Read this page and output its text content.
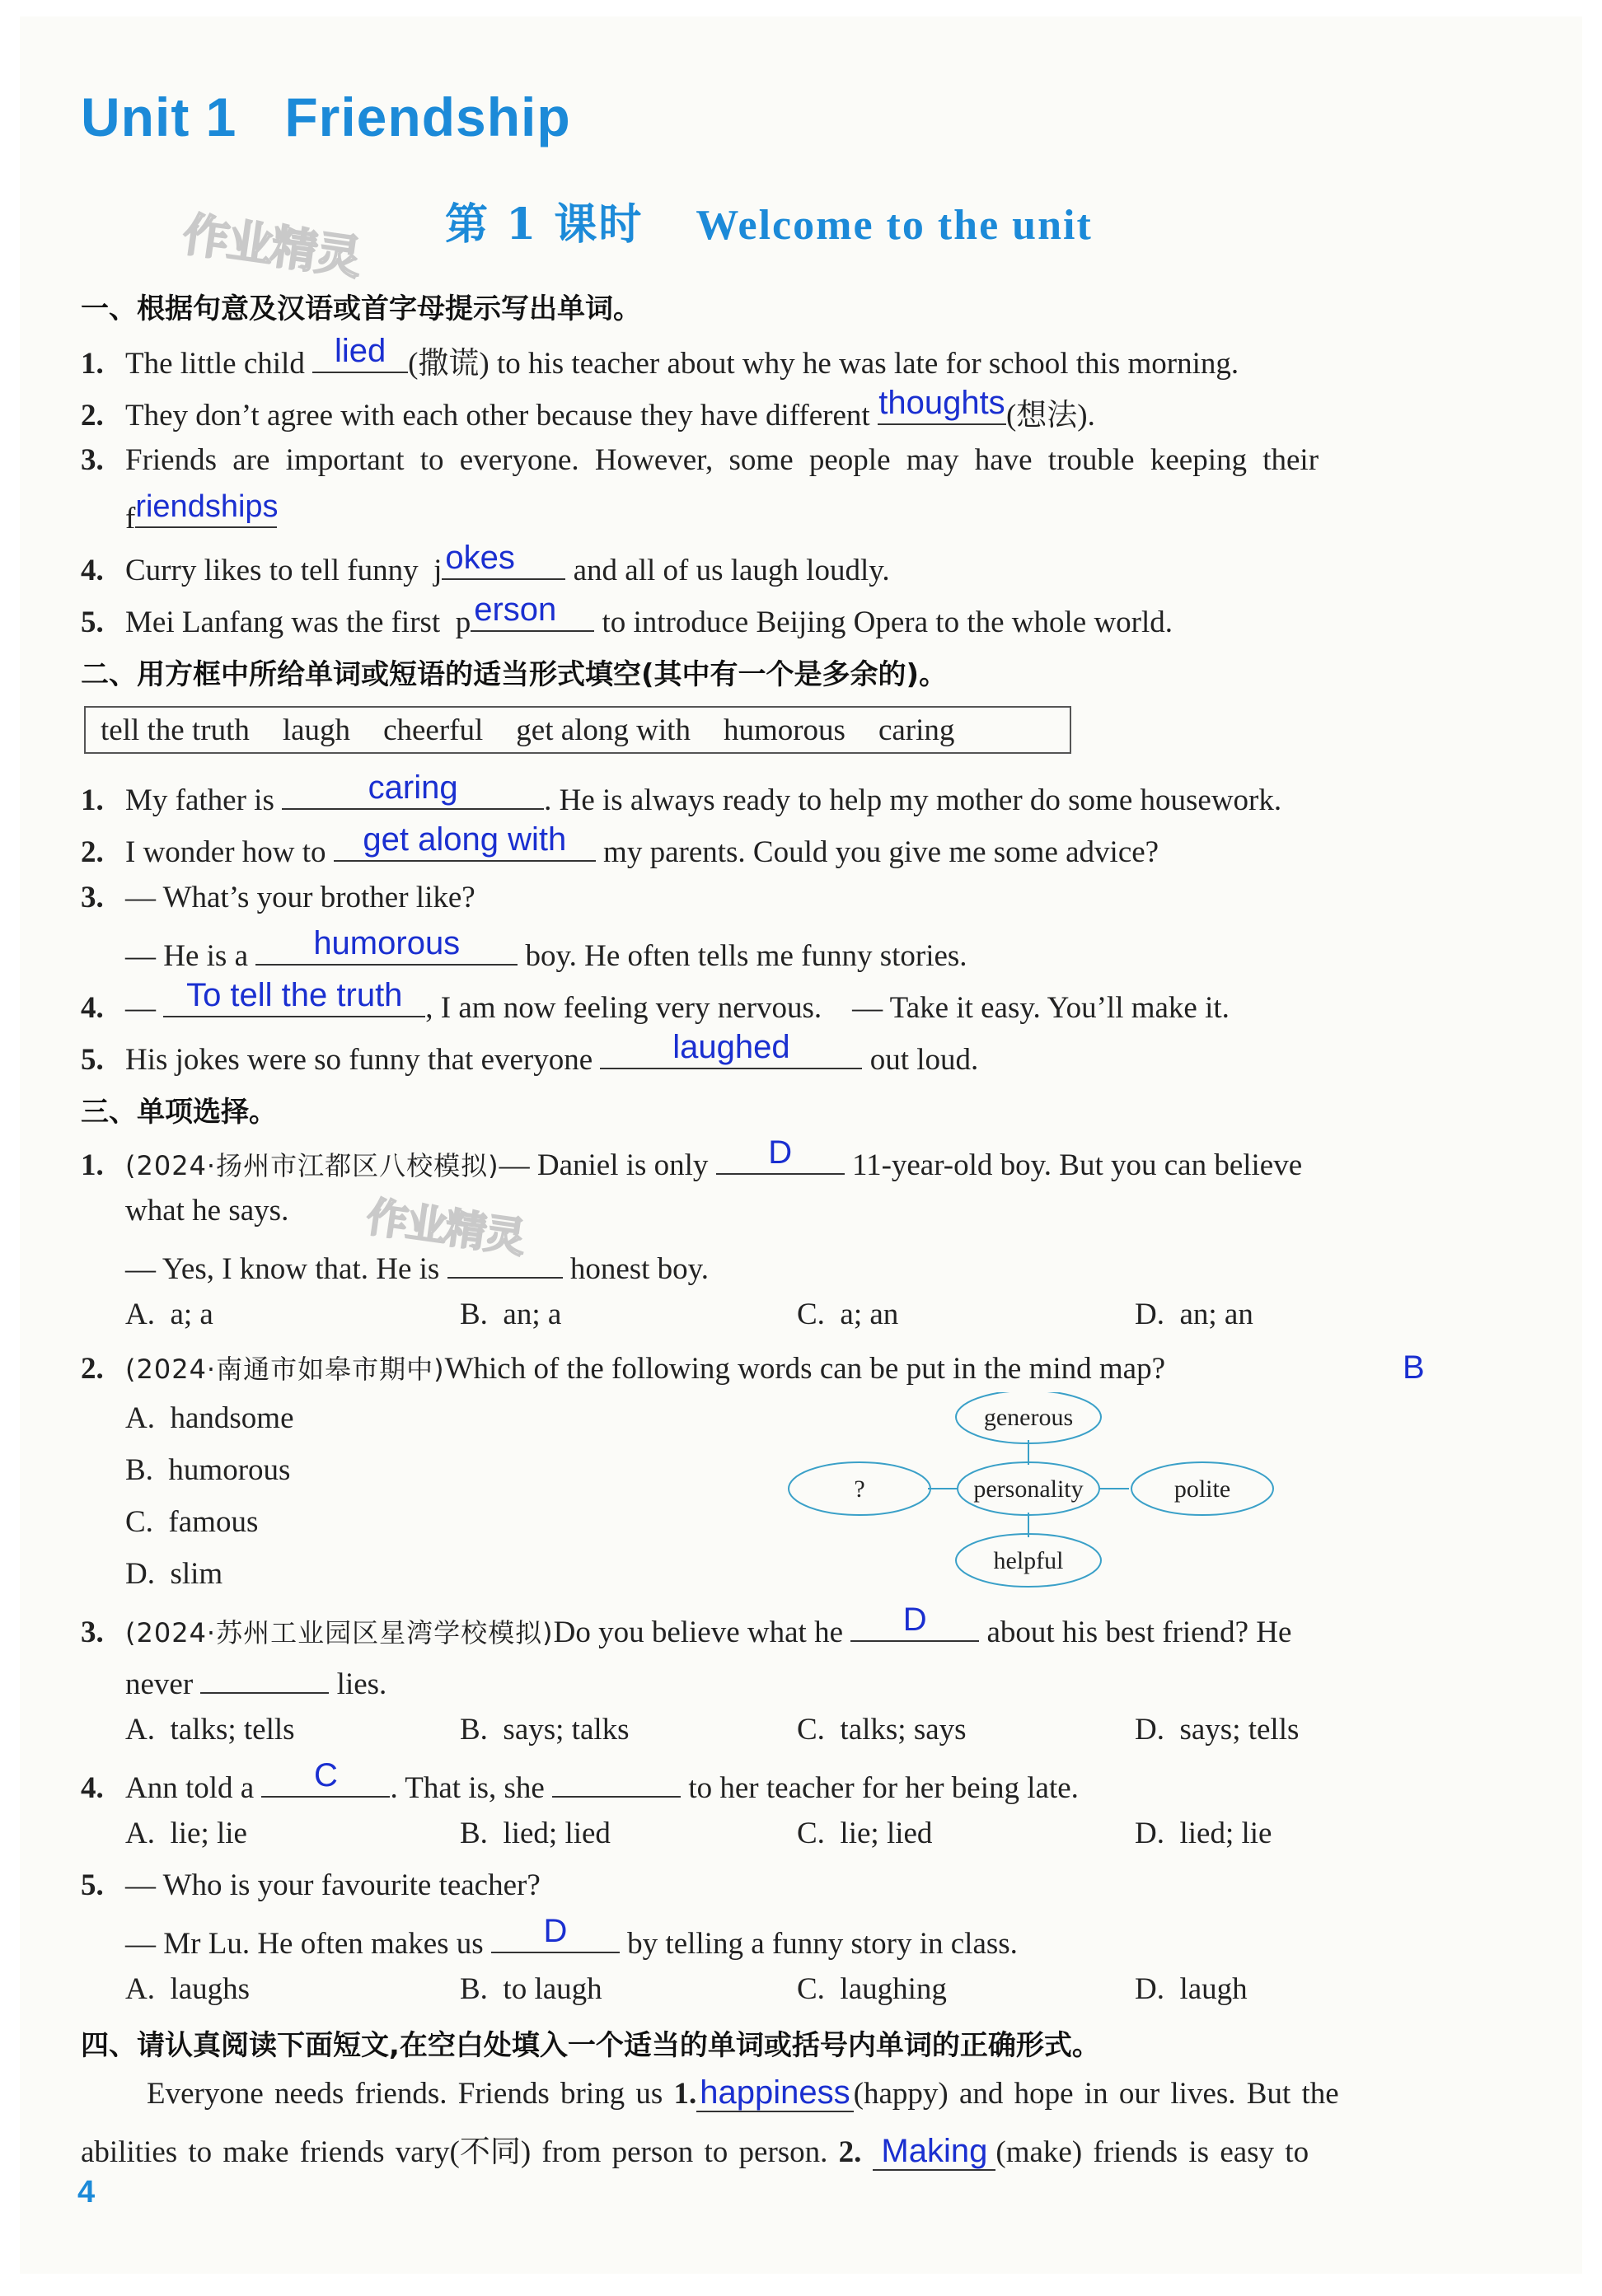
Unit 1   Friendship
第 1 课时 Welcome to the unit
作业精灵
作业精灵
一、根据句意及汉语或首字母提示写出单词。
1. The little child lied (撒谎) to his teacher about why he was late for school this morning.
2. They don’t agree with each other because they have different thoughts (想法).
3. Friends are important to everyone. However, some people may have trouble keeping their
f riendships
4. Curry likes to tell funny  j okes	and all of us laugh loudly.
5. Mei Lanfang was the first  p erson	to introduce Beijing Opera to the whole world.
二、用方框中所给单词或短语的适当形式填空(其中有一个是多余的)。
tell the truth laugh cheerful get along with humorous caring
1. My father is	caring	. He is always ready to help my mother do some housework.
2. I wonder how to get along with my parents. Could you give me some advice?
3. — What’s your brother like?
— He is a	humorous	boy. He often tells me funny stories.
4. — To tell the truth , I am now feeling very nervous.    — Take it easy. You’ll make it.
5. His jokes were so funny that everyone	laughed	out loud.
三、单项选择。
1. (2024·扬州市江都区八校模拟)— Daniel is only	D	11-year-old boy. But you can believe
what he says.
— Yes, I know that. He is	honest boy.
A.  a; a	B.  an; a	C.  a; an	D.  an; an
2. (2024·南通市如皋市期中)Which of the following words can be put in the mind map?	B
A.  handsome
B.  humorous
C.  famous
D.  slim
generous
personality
helpful
?	polite
3. (2024·苏州工业园区星湾学校模拟)Do you believe what he	D	about his best friend? He
never	lies.
A.  talks; tells	B.  says; talks	C.  talks; says	D.  says; tells
4. Ann told a	C	. That is, she	to her teacher for her being late.
A.  lie; lie	B.  lied; lied	C.  lie; lied	D.  lied; lie
5. — Who is your favourite teacher?
— Mr Lu. He often makes us	D	by telling a funny story in class.
A.  laughs	B.  to laugh	C.  laughing	D.  laugh
四、请认真阅读下面短文,在空白处填入一个适当的单词或括号内单词的正确形式。
Everyone needs friends. Friends bring us 1. happiness (happy) and hope in our lives. But the
abilities to make friends vary(不同) from person to person. 2. Making (make) friends is easy to
4
